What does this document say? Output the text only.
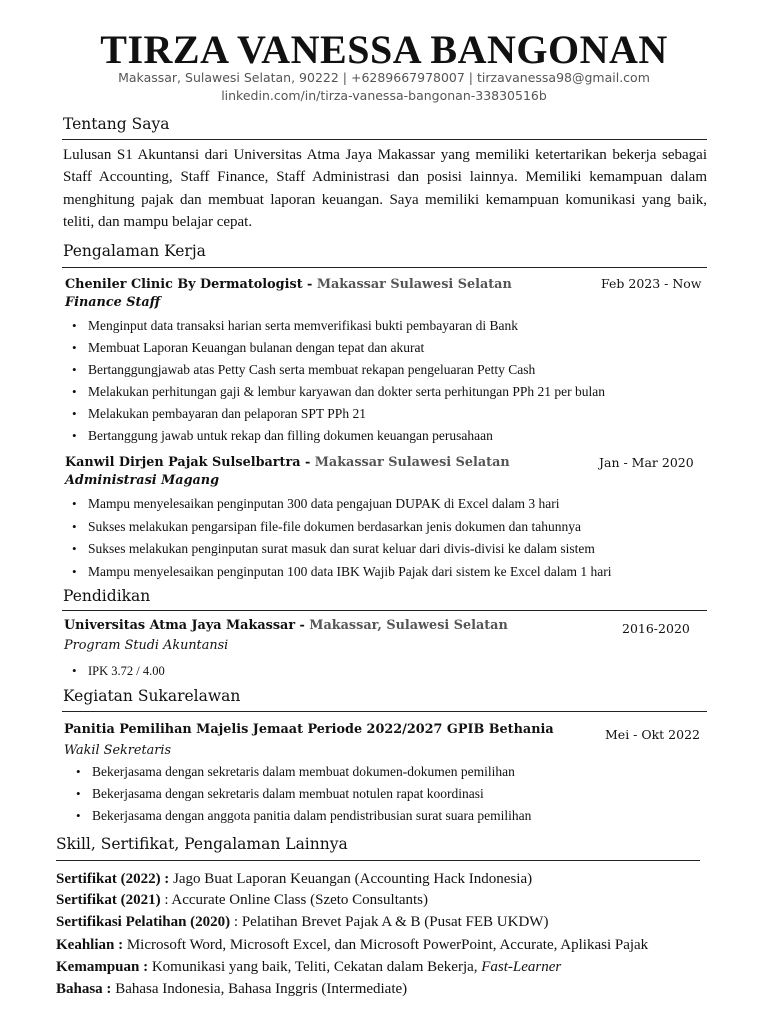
TIRZA VANESSA BANGONAN
Makassar, Sulawesi Selatan, 90222 | +6289667978007 | tirzavanessa98@gmail.com
linkedin.com/in/tirza-vanessa-bangonan-33830516b
Tentang Saya
Lulusan S1 Akuntansi dari Universitas Atma Jaya Makassar yang memiliki ketertarikan bekerja sebagai Staff Accounting, Staff Finance, Staff Administrasi dan posisi lainnya. Memiliki kemampuan dalam menghitung pajak dan membuat laporan keuangan. Saya memiliki kemampuan komunikasi yang baik, teliti, dan mampu belajar cepat.
Pengalaman Kerja
Cheniler Clinic By Dermatologist - Makassar Sulawesi Selatan	Feb 2023 - Now
Finance Staff
• Menginput data transaksi harian serta memverifikasi bukti pembayaran di Bank
• Membuat Laporan Keuangan bulanan dengan tepat dan akurat
• Bertanggungjawab atas Petty Cash serta membuat rekapan pengeluaran Petty Cash
• Melakukan perhitungan gaji & lembur karyawan dan dokter serta perhitungan PPh 21 per bulan
• Melakukan pembayaran dan pelaporan SPT PPh 21
• Bertanggung jawab untuk rekap dan filling dokumen keuangan perusahaan
Kanwil Dirjen Pajak Sulselbartra - Makassar Sulawesi Selatan	Jan - Mar 2020
Administrasi Magang
• Mampu menyelesaikan penginputan 300 data pengajuan DUPAK di Excel dalam 3 hari
• Sukses melakukan pengarsipan file-file dokumen berdasarkan jenis dokumen dan tahunnya
• Sukses melakukan penginputan surat masuk dan surat keluar dari divis-divisi ke dalam sistem
• Mampu menyelesaikan penginputan 100 data IBK Wajib Pajak dari sistem ke Excel dalam 1 hari
Pendidikan
Universitas Atma Jaya Makassar - Makassar, Sulawesi Selatan	2016-2020
Program Studi Akuntansi
• IPK 3.72 / 4.00
Kegiatan Sukarelawan
Panitia Pemilihan Majelis Jemaat Periode 2022/2027 GPIB Bethania	Mei - Okt 2022
Wakil Sekretaris
• Bekerjasama dengan sekretaris dalam membuat dokumen-dokumen pemilihan
• Bekerjasama dengan sekretaris dalam membuat notulen rapat koordinasi
• Bekerjasama dengan anggota panitia dalam pendistribusian surat suara pemilihan
Skill, Sertifikat, Pengalaman Lainnya
Sertifikat (2022) : Jago Buat Laporan Keuangan (Accounting Hack Indonesia)
Sertifikat (2021) : Accurate Online Class (Szeto Consultants)
Sertifikasi Pelatihan (2020) : Pelatihan Brevet Pajak A & B (Pusat FEB UKDW)
Keahlian : Microsoft Word, Microsoft Excel, dan Microsoft PowerPoint, Accurate, Aplikasi Pajak
Kemampuan : Komunikasi yang baik, Teliti, Cekatan dalam Bekerja, Fast-Learner
Bahasa : Bahasa Indonesia, Bahasa Inggris (Intermediate)
